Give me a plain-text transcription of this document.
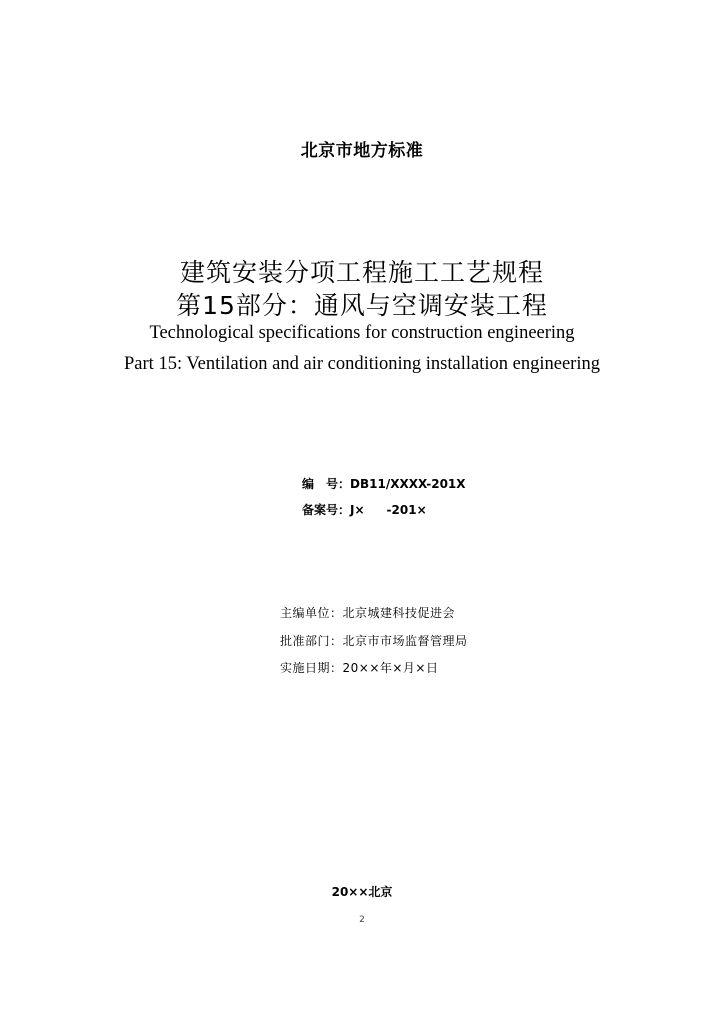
北京市地方标准
建筑安装分项工程施工工艺规程
第15部分：通风与空调安装工程
Technological specifications for construction engineering
Part 15: Ventilation and air conditioning installation engineering
编　号：DB11/XXXX-201X
备案号：J× -201×
主编单位：北京城建科技促进会
批准部门：北京市市场监督管理局
实施日期：20××年×月×日
20××北京
2
